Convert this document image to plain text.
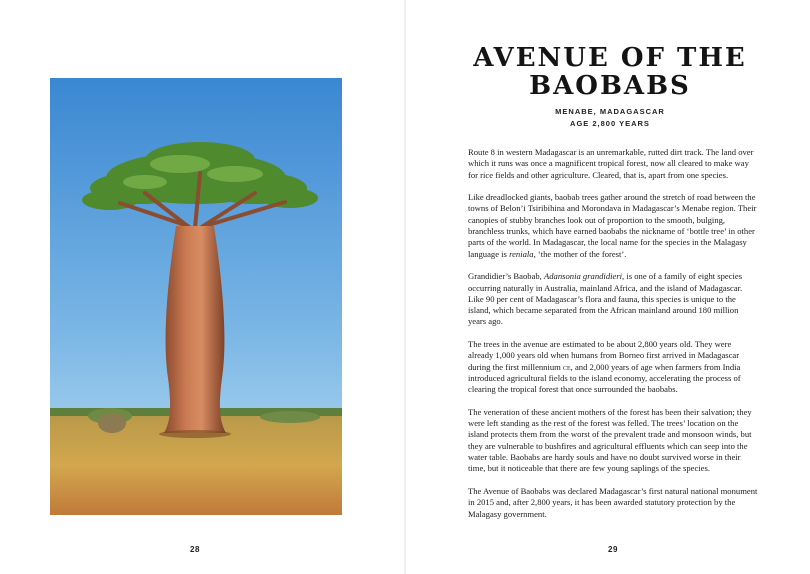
28
AVENUE OF THE
BAOBABS
MENABE, MADAGASCAR
AGE 2,800 YEARS

Route 8 in western Madagascar is an unremarkable, rutted dirt track. The land over which it runs was once a magnificent tropical forest, now all cleared to make way for rice fields and other agriculture. Cleared, that is, apart from one species.

Like dreadlocked giants, baobab trees gather around the stretch of road between the towns of Belon’i Tsiribihina and Morondava in Madagascar’s Menabe region. Their canopies of stubby branches look out of proportion to the smooth, bulging, branchless trunks, which have earned baobabs the nickname of ‘bottle tree’ in other parts of the world. In Madagascar, the local name for the species in the Malagasy language is reniala, ‘the mother of the forest’.

Grandidier’s Baobab, Adansonia grandidieri, is one of a family of eight species occurring naturally in Australia, mainland Africa, and the island of Madagascar. Like 90 per cent of Madagascar’s flora and fauna, this species is unique to the island, which became separated from the African mainland around 180 million years ago.

The trees in the avenue are estimated to be about 2,800 years old. They were already 1,000 years old when humans from Borneo first arrived in Madagascar during the first millennium ce, and 2,000 years of age when farmers from India introduced agricultural fields to the island economy, accelerating the process of clearing the tropical forest that once surrounded the baobabs.

The veneration of these ancient mothers of the forest has been their salvation; they were left standing as the rest of the forest was felled. The trees’ location on the island protects them from the worst of the prevalent trade and monsoon winds, but they are vulnerable to bushfires and agricultural effluents which can seep into the water table. Baobabs are hardy souls and have no doubt survived worse in their time, but it noticeable that there are few young saplings of the species.

The Avenue of Baobabs was declared Madagascar’s first natural national monument in 2015 and, after 2,800 years, it has been awarded statutory protection by the Malagasy government.

29
